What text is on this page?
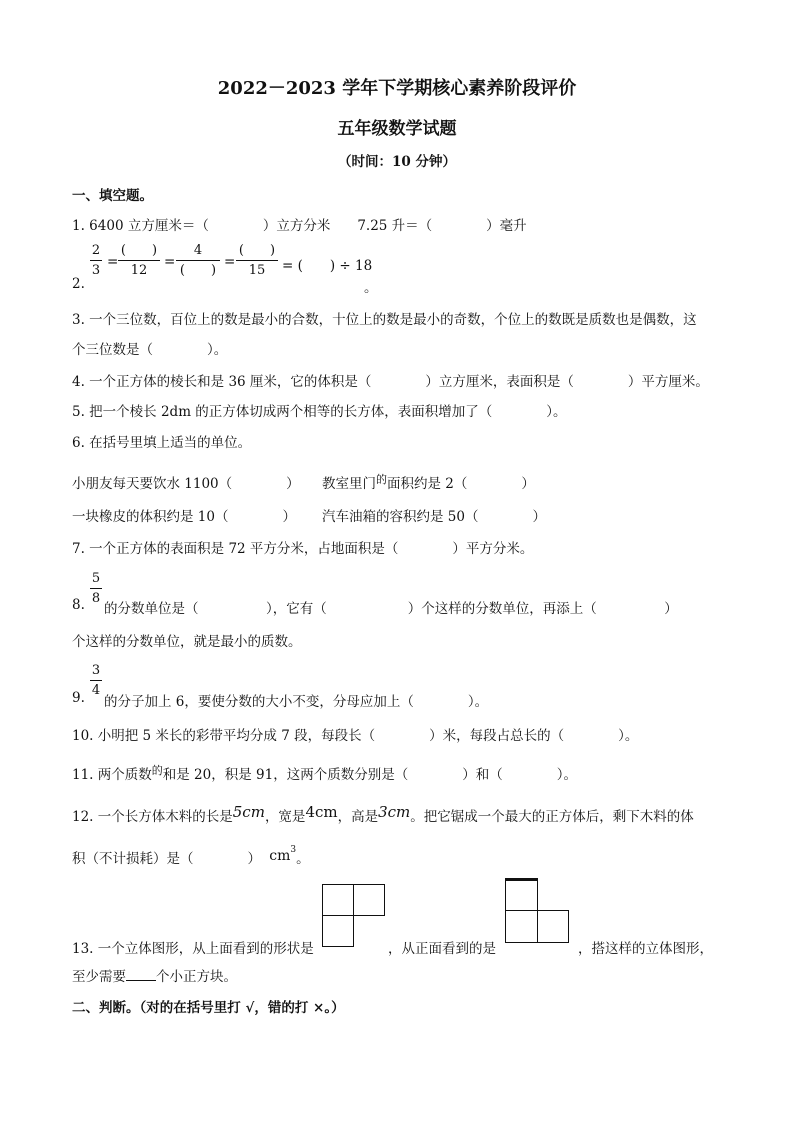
2022－2023 学年下学期核心素养阶段评价
五年级数学试题
（时间：10 分钟）
一、填空题。
1. 6400 立方厘米＝（　　　　）立方分米　　7.25 升＝（　　　　）毫升
2
3
=
(　　)
12
=
4
(　　)
=
(　　)
15 = (　　) ÷ 18
2.	。
3. 一个三位数，百位上的数是最小的合数，十位上的数是最小的奇数，个位上的数既是质数也是偶数，这
个三位数是（　　　　）。
4. 一个正方体的棱长和是 36 厘米，它的体积是（　　　　）立方厘米，表面积是（　　　　）平方厘米。
5. 把一个棱长 2dm 的正方体切成两个相等的长方体，表面积增加了（　　　　）。
6. 在括号里填上适当的单位。
小朋友每天要饮水 1100（　　　　） 教室里门$^的$面积约是 2（　　　　）
一块橡皮的体积约是 10（　　　　） 汽车油箱的容积约是 50（　　　　）
7. 一个正方体的表面积是 72 平方分米，占地面积是（　　　　）平方分米。
5
8
8. 的分数单位是（　　　　　），它有（　　　　　　）个这样的分数单位，再添上（　　　　　）
个这样的分数单位，就是最小的质数。
3
4
9. 的分子加上 6，要使分数的大小不变，分母应加上（　　　　）。
10. 小明把 5 米长的彩带平均分成 7 段，每段长（　　　　）米，每段占总长的（　　　　）。
11. 两个质数$^的$和是 20，积是 91，这两个质数分别是（　　　　）和（　　　　）。
12. 一个长方体木料的长是5cm，宽是4cm，高是3cm。把它锯成一个最大的正方体后，剩下木料的体
积（不计损耗）是（　　　　） $cm^3$。
13. 一个立体图形，从上面看到的形状是	，从正面看到的是	，搭这样的立体图形，
至少需要 个小正方块。
二、判断。（对的在括号里打 √，错的打 ×。）
